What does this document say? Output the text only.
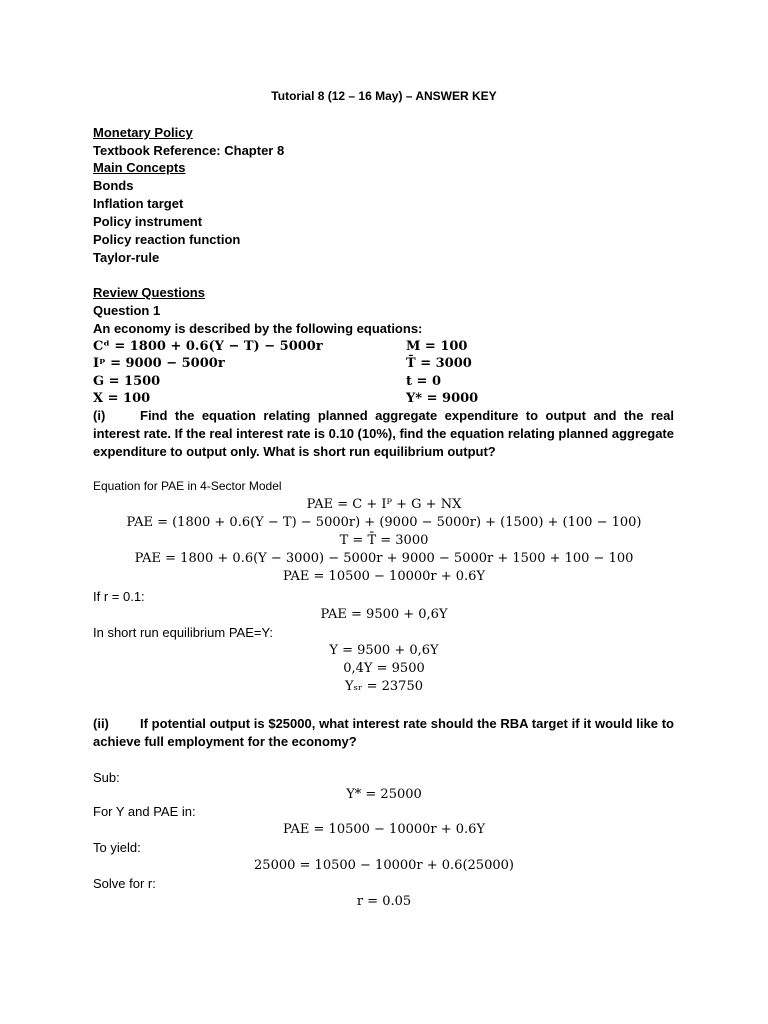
Tutorial 8 (12 – 16 May) – ANSWER KEY
Monetary Policy
Textbook Reference: Chapter 8
Main Concepts
Bonds
Inflation target
Policy instrument
Policy reaction function
Taylor-rule
Review Questions
Question 1
An economy is described by the following equations:
Cᵈ = 1800 + 0.6(Y − T) − 5000r
Iᵖ = 9000 − 5000r
G = 1500
X = 100
M = 100
T̄ = 3000
t = 0
Y* = 9000
(i)	Find the equation relating planned aggregate expenditure to output and the real interest rate. If the real interest rate is 0.10 (10%), find the equation relating planned aggregate expenditure to output only. What is short run equilibrium output?
Equation for PAE in 4-Sector Model
PAE = C + Iᴾ + G + NX
PAE = (1800 + 0.6(Y − T) − 5000r) + (9000 − 5000r) + (1500) + (100 − 100)
T = T̄ = 3000
PAE = 1800 + 0.6(Y − 3000) − 5000r + 9000 − 5000r + 1500 + 100 − 100
PAE = 10500 − 10000r + 0.6Y
If r = 0.1:
PAE = 9500 + 0,6Y
In short run equilibrium PAE=Y:
Y = 9500 + 0,6Y
0,4Y = 9500
Yₛᵣ = 23750
(ii)	If potential output is $25000, what interest rate should the RBA target if it would like to achieve full employment for the economy?
Sub:
Y* = 25000
For Y and PAE in:
PAE = 10500 − 10000r + 0.6Y
To yield:
25000 = 10500 − 10000r + 0.6(25000)
Solve for r:
r = 0.05
